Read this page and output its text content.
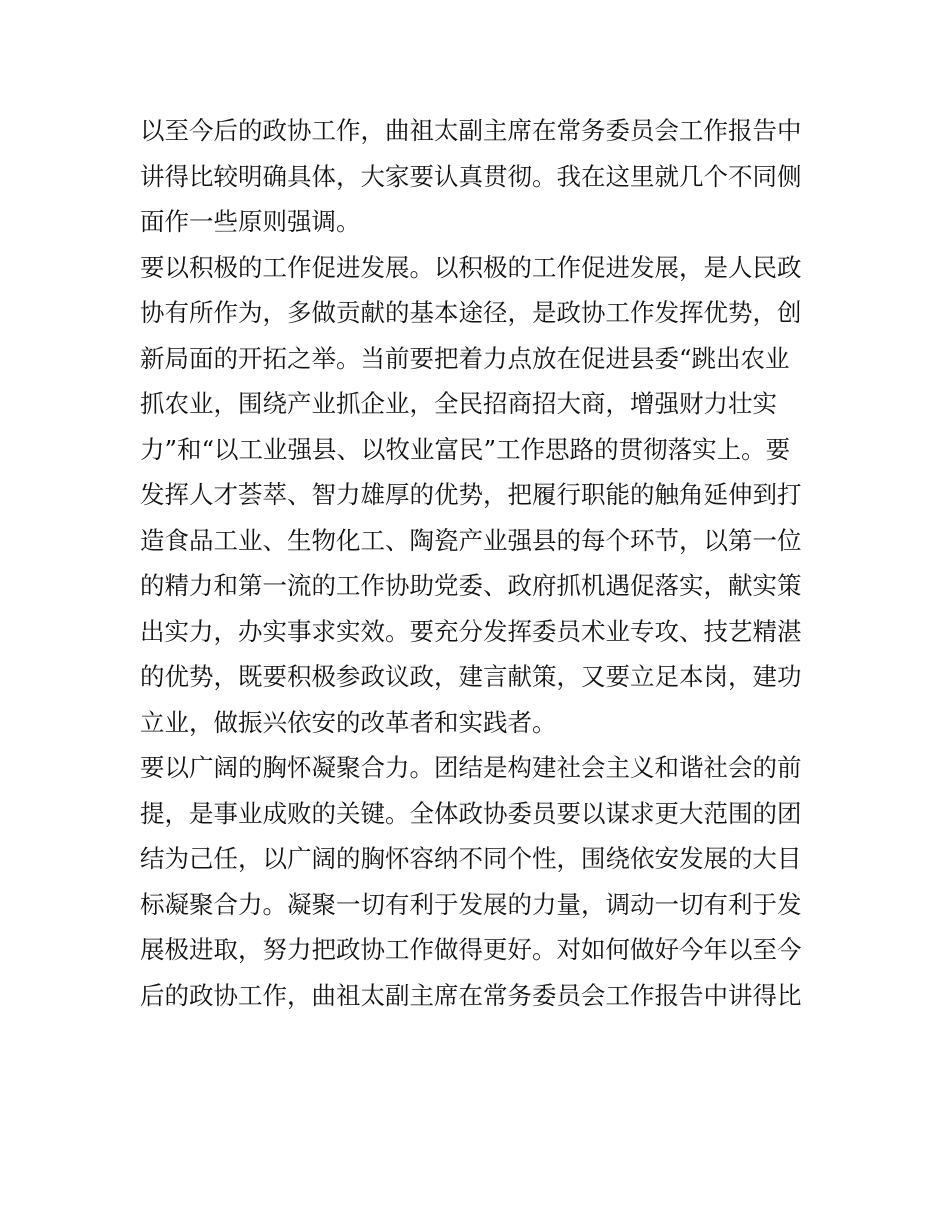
以至今后的政协工作，曲祖太副主席在常务委员会工作报告中
讲得比较明确具体，大家要认真贯彻。我在这里就几个不同侧
面作一些原则强调。
要以积极的工作促进发展。以积极的工作促进发展，是人民政
协有所作为，多做贡献的基本途径，是政协工作发挥优势，创
新局面的开拓之举。当前要把着力点放在促进县委“跳出农业
抓农业，围绕产业抓企业，全民招商招大商，增强财力壮实
力”和“以工业强县、以牧业富民”工作思路的贯彻落实上。要
发挥人才荟萃、智力雄厚的优势，把履行职能的触角延伸到打
造食品工业、生物化工、陶瓷产业强县的每个环节，以第一位
的精力和第一流的工作协助党委、政府抓机遇促落实，献实策
出实力，办实事求实效。要充分发挥委员术业专攻、技艺精湛
的优势，既要积极参政议政，建言献策，又要立足本岗，建功
立业，做振兴依安的改革者和实践者。
要以广阔的胸怀凝聚合力。团结是构建社会主义和谐社会的前
提，是事业成败的关键。全体政协委员要以谋求更大范围的团
结为己任，以广阔的胸怀容纳不同个性，围绕依安发展的大目
标凝聚合力。凝聚一切有利于发展的力量，调动一切有利于发
展极进取，努力把政协工作做得更好。对如何做好今年以至今
后的政协工作，曲祖太副主席在常务委员会工作报告中讲得比
